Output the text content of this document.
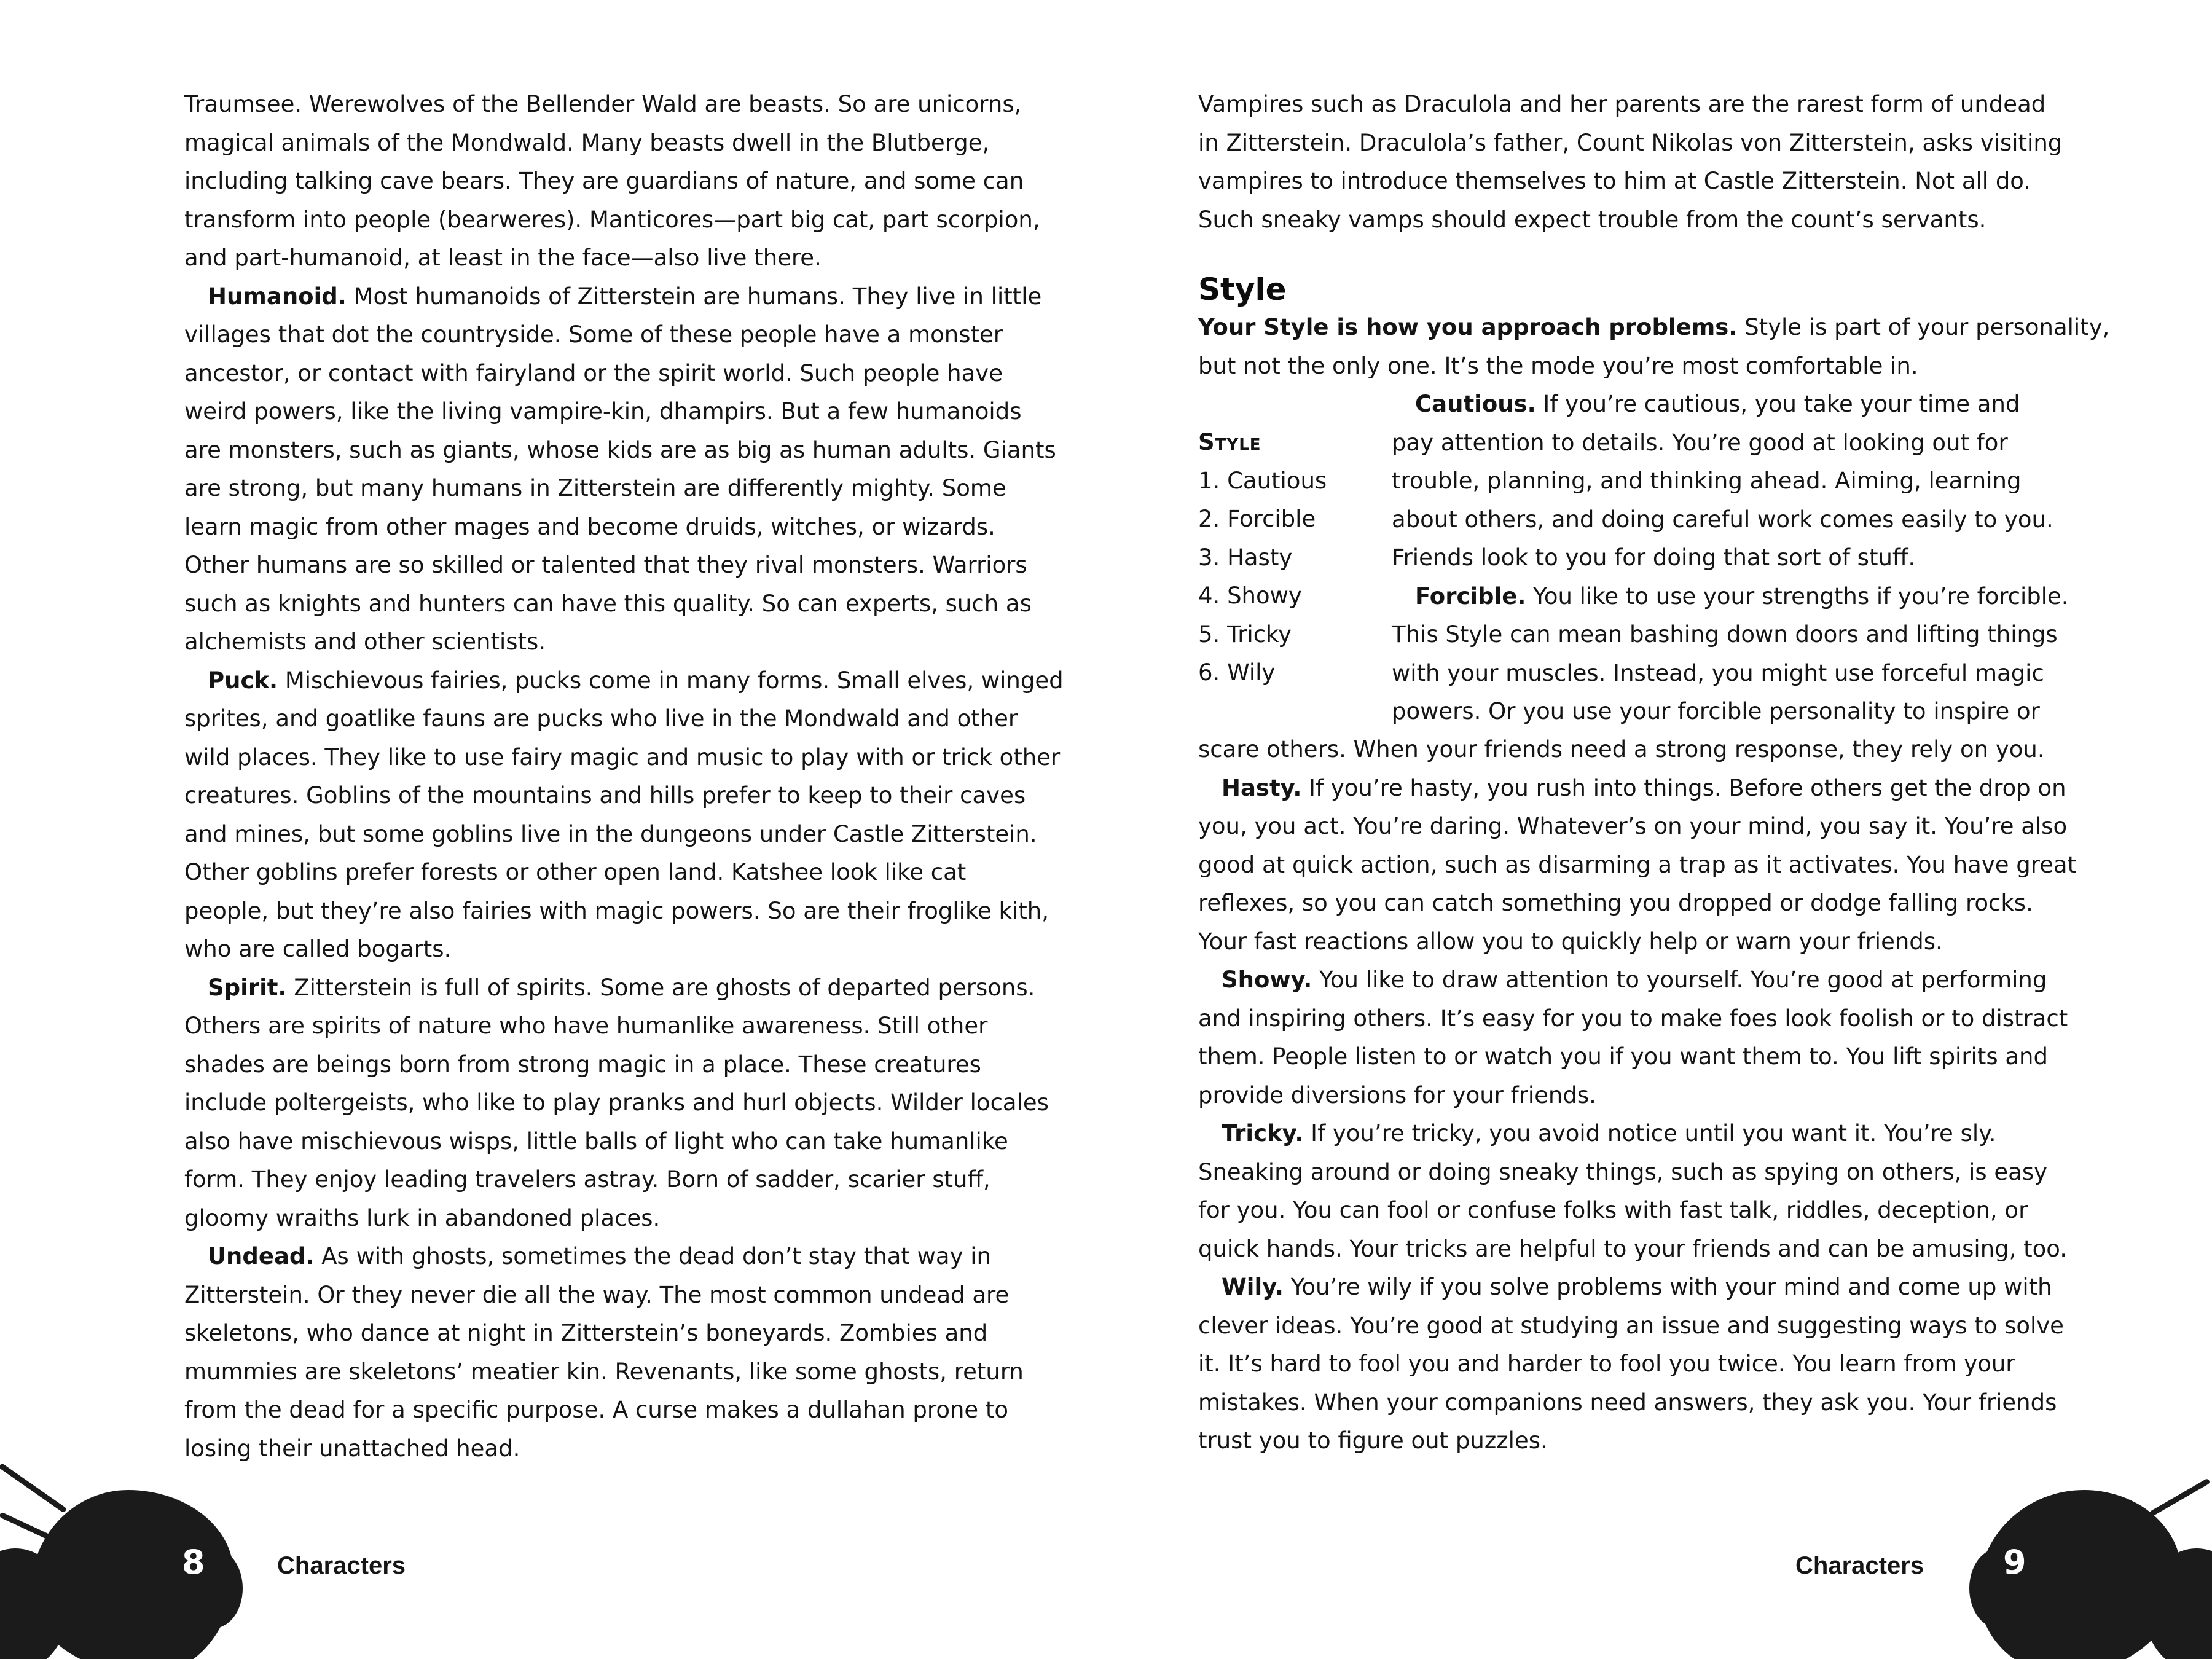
Traumsee. Werewolves of the Bellender Wald are beasts. So are unicorns,

magical animals of the Mondwald. Many beasts dwell in the Blutberge,

including talking cave bears. They are guardians of nature, and some can

transform into people (bearweres). Manticores—part big cat, part scorpion,

and part-humanoid, at least in the face—also live there.

Humanoid. Most humanoids of Zitterstein are humans. They live in little

villages that dot the countryside. Some of these people have a monster

ancestor, or contact with fairyland or the spirit world. Such people have

weird powers, like the living vampire-kin, dhampirs. But a few humanoids

are monsters, such as giants, whose kids are as big as human adults. Giants

are strong, but many humans in Zitterstein are differently mighty. Some

learn magic from other mages and become druids, witches, or wizards.

Other humans are so skilled or talented that they rival monsters. Warriors

such as knights and hunters can have this quality. So can experts, such as

alchemists and other scientists.

Puck. Mischievous fairies, pucks come in many forms. Small elves, winged

sprites, and goatlike fauns are pucks who live in the Mondwald and other

wild places. They like to use fairy magic and music to play with or trick other

creatures. Goblins of the mountains and hills prefer to keep to their caves

and mines, but some goblins live in the dungeons under Castle Zitterstein.

Other goblins prefer forests or other open land. Katshee look like cat

people, but they’re also fairies with magic powers. So are their froglike kith,

who are called bogarts.

Spirit. Zitterstein is full of spirits. Some are ghosts of departed persons.

Others are spirits of nature who have humanlike awareness. Still other

shades are beings born from strong magic in a place. These creatures

include poltergeists, who like to play pranks and hurl objects. Wilder locales

also have mischievous wisps, little balls of light who can take humanlike

form. They enjoy leading travelers astray. Born of sadder, scarier stuff,

gloomy wraiths lurk in abandoned places.

Undead. As with ghosts, sometimes the dead don’t stay that way in

Zitterstein. Or they never die all the way. The most common undead are

skeletons, who dance at night in Zitterstein’s boneyards. Zombies and

mummies are skeletons’ meatier kin. Revenants, like some ghosts, return

from the dead for a specific purpose. A curse makes a dullahan prone to

losing their unattached head.

8	Characters

Vampires such as Draculola and her parents are the rarest form of undead

in Zitterstein. Draculola’s father, Count Nikolas von Zitterstein, asks visiting

vampires to introduce themselves to him at Castle Zitterstein. Not all do.

Such sneaky vamps should expect trouble from the count’s servants.

Style

Your Style is how you approach problems. Style is part of your personality,

but not the only one. It’s the mode you’re most comfortable in.

Style

1. Cautious

2. Forcible

3. Hasty

4. Showy

5. Tricky

6. Wily

Cautious. If you’re cautious, you take your time and

pay attention to details. You’re good at looking out for

trouble, planning, and thinking ahead. Aiming, learning

about others, and doing careful work comes easily to you.

Friends look to you for doing that sort of stuff.

Forcible. You like to use your strengths if you’re forcible.

This Style can mean bashing down doors and lifting things

with your muscles. Instead, you might use forceful magic

powers. Or you use your forcible personality to inspire or

scare others. When your friends need a strong response, they rely on you.

Hasty. If you’re hasty, you rush into things. Before others get the drop on

you, you act. You’re daring. Whatever’s on your mind, you say it. You’re also

good at quick action, such as disarming a trap as it activates. You have great

reflexes, so you can catch something you dropped or dodge falling rocks.

Your fast reactions allow you to quickly help or warn your friends.

Showy. You like to draw attention to yourself. You’re good at performing

and inspiring others. It’s easy for you to make foes look foolish or to distract

them. People listen to or watch you if you want them to. You lift spirits and

provide diversions for your friends.

Tricky. If you’re tricky, you avoid notice until you want it. You’re sly.

Sneaking around or doing sneaky things, such as spying on others, is easy

for you. You can fool or confuse folks with fast talk, riddles, deception, or

quick hands. Your tricks are helpful to your friends and can be amusing, too.

Wily. You’re wily if you solve problems with your mind and come up with

clever ideas. You’re good at studying an issue and suggesting ways to solve

it. It’s hard to fool you and harder to fool you twice. You learn from your

mistakes. When your companions need answers, they ask you. Your friends

trust you to figure out puzzles.

9
Characters
